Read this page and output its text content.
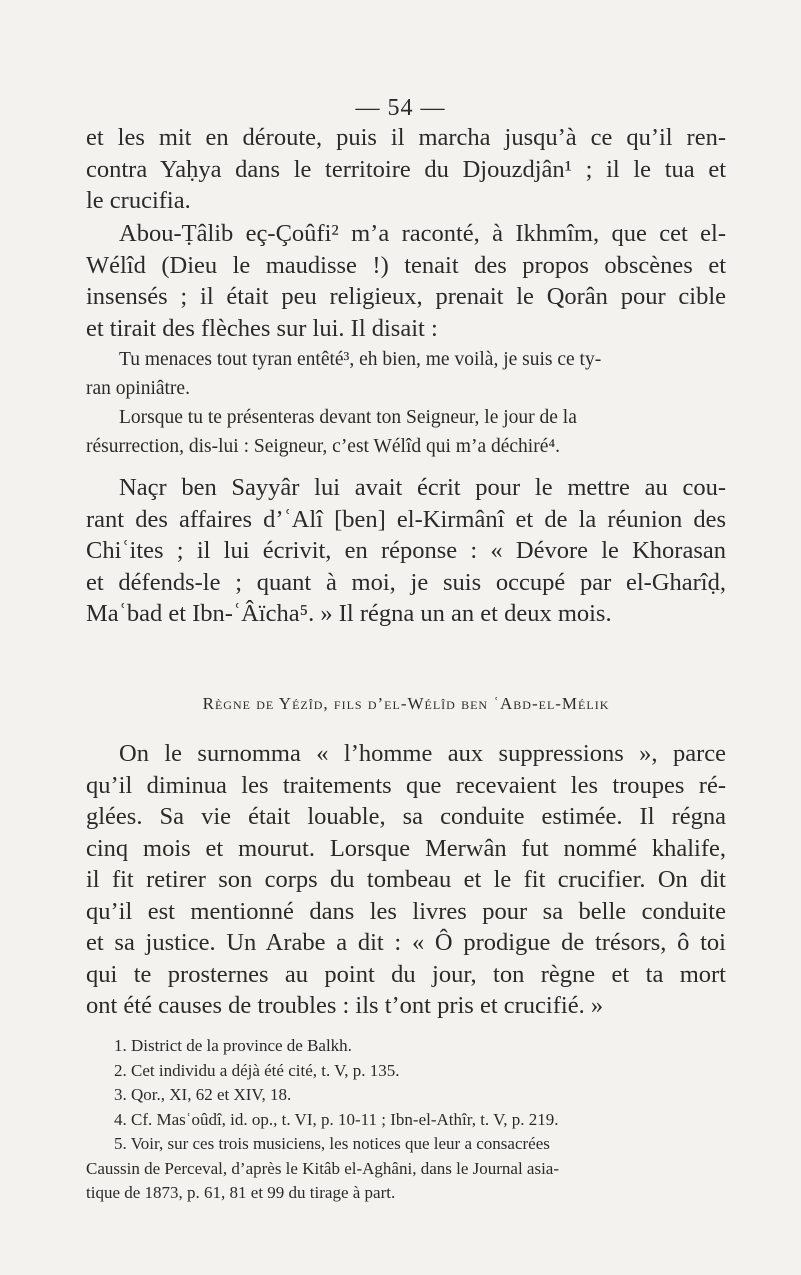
— 54 —
et les mit en déroute, puis il marcha jusqu’à ce qu’il ren-
contra Yaḥya dans le territoire du Djouzdjân¹ ; il le tua et
le crucifia.
Abou-Ṭâlib eç-Çoûfi² m’a raconté, à Ikhmîm, que cet el-
Wélîd (Dieu le maudisse !) tenait des propos obscènes et
insensés ; il était peu religieux, prenait le Qorân pour cible
et tirait des flèches sur lui. Il disait :
Tu menaces tout tyran entêté³, eh bien, me voilà, je suis ce ty-
ran opiniâtre.
Lorsque tu te présenteras devant ton Seigneur, le jour de la
résurrection, dis-lui : Seigneur, c’est Wélîd qui m’a déchiré⁴.
Naçr ben Sayyâr lui avait écrit pour le mettre au cou-
rant des affaires d’ʿAlî [ben] el-Kirmânî et de la réunion des
Chiʿites ; il lui écrivit, en réponse : « Dévore le Khorasan
et défends-le ; quant à moi, je suis occupé par el-Gharîḍ,
Maʿbad et Ibn-ʿÂïcha⁵. » Il régna un an et deux mois.
Règne de Yézîd, fils d’el-Wélîd ben ʿAbd-el-Mélik
On le surnomma « l’homme aux suppressions », parce
qu’il diminua les traitements que recevaient les troupes ré-
glées. Sa vie était louable, sa conduite estimée. Il régna
cinq mois et mourut. Lorsque Merwân fut nommé khalife,
il fit retirer son corps du tombeau et le fit crucifier. On dit
qu’il est mentionné dans les livres pour sa belle conduite
et sa justice. Un Arabe a dit : « Ô prodigue de trésors, ô toi
qui te prosternes au point du jour, ton règne et ta mort
ont été causes de troubles : ils t’ont pris et crucifié. »
1. District de la province de Balkh.
2. Cet individu a déjà été cité, t. V, p. 135.
3. Qor., XI, 62 et XIV, 18.
4. Cf. Masʿoûdî, id. op., t. VI, p. 10-11 ; Ibn-el-Athîr, t. V, p. 219.
5. Voir, sur ces trois musiciens, les notices que leur a consacrées
Caussin de Perceval, d’après le Kitâb el-Aghâni, dans le Journal asia-
tique de 1873, p. 61, 81 et 99 du tirage à part.
